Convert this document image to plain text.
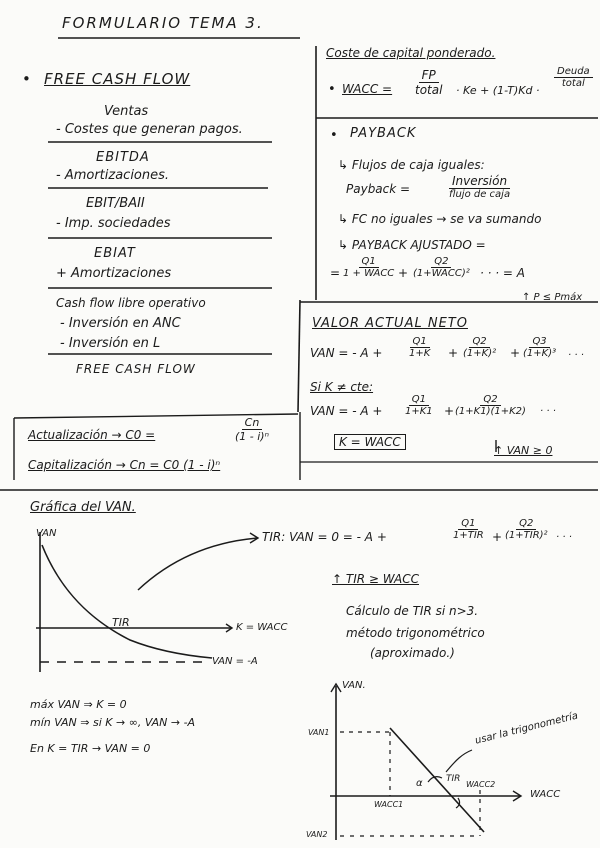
FORMULARIO TEMA 3.
• FREE CASH FLOW
Ventas
- Costes que generan pagos.
EBITDA
- Amortizaciones.
EBIT/BAII
- Imp. sociedades
EBIAT
+ Amortizaciones
Cash flow libre operativo
- Inversión en ANC
- Inversión en L
FREE CASH FLOW
Coste de capital ponderado.
• WACC =
FP
total · Ke + (1-T)Kd ·
Deuda
total
• PAYBACK
↳ Flujos de caja iguales:
Payback =
Inversión
flujo de caja
↳ FC no iguales → se va sumando
↳ PAYBACK AJUSTADO =
=
Q1
1 + WACC +
Q2
(1+WACC)² · · · = A
↑ P ≤ Pmáx
VALOR ACTUAL NETO
VAN = - $A + \frac{Q1}{1+K} + \frac{Q2}{\text{(1+K)²}} + \frac{Q3}{\text{(1+K)³}}$ · · ·
Si K ≠ cte:
VAN = - $A + \frac{Q1}{1+K1}$ +
$\frac{Q2}{(1+K1)(1+K2)}$ · · ·
K = WACC
↑ VAN ≥ 0
Actualización → C0 =	$\frac{Cn}{\text{(1 - i)ⁿ}}$
Capitalización → Cn = C0 (1 - i)ⁿ
Gráfica del VAN.
VAN
TIR	K = WACC
VAN = -A
TIR: VAN = 0 = - A +
Q1
1+TIR +
Q2
(1+TIR)² · · ·
↑ TIR ≥ WACC
Cálculo de TIR si n>3.
método trigonométrico
(aproximado.)
máx VAN ⇒ K = 0
mín VAN ⇒ si K → ∞, VAN → -A
En K = TIR → VAN = 0
VAN.
VAN1
VAN2
WACC1
WACC2
TIR
WACC
α
usar la trigonometría
